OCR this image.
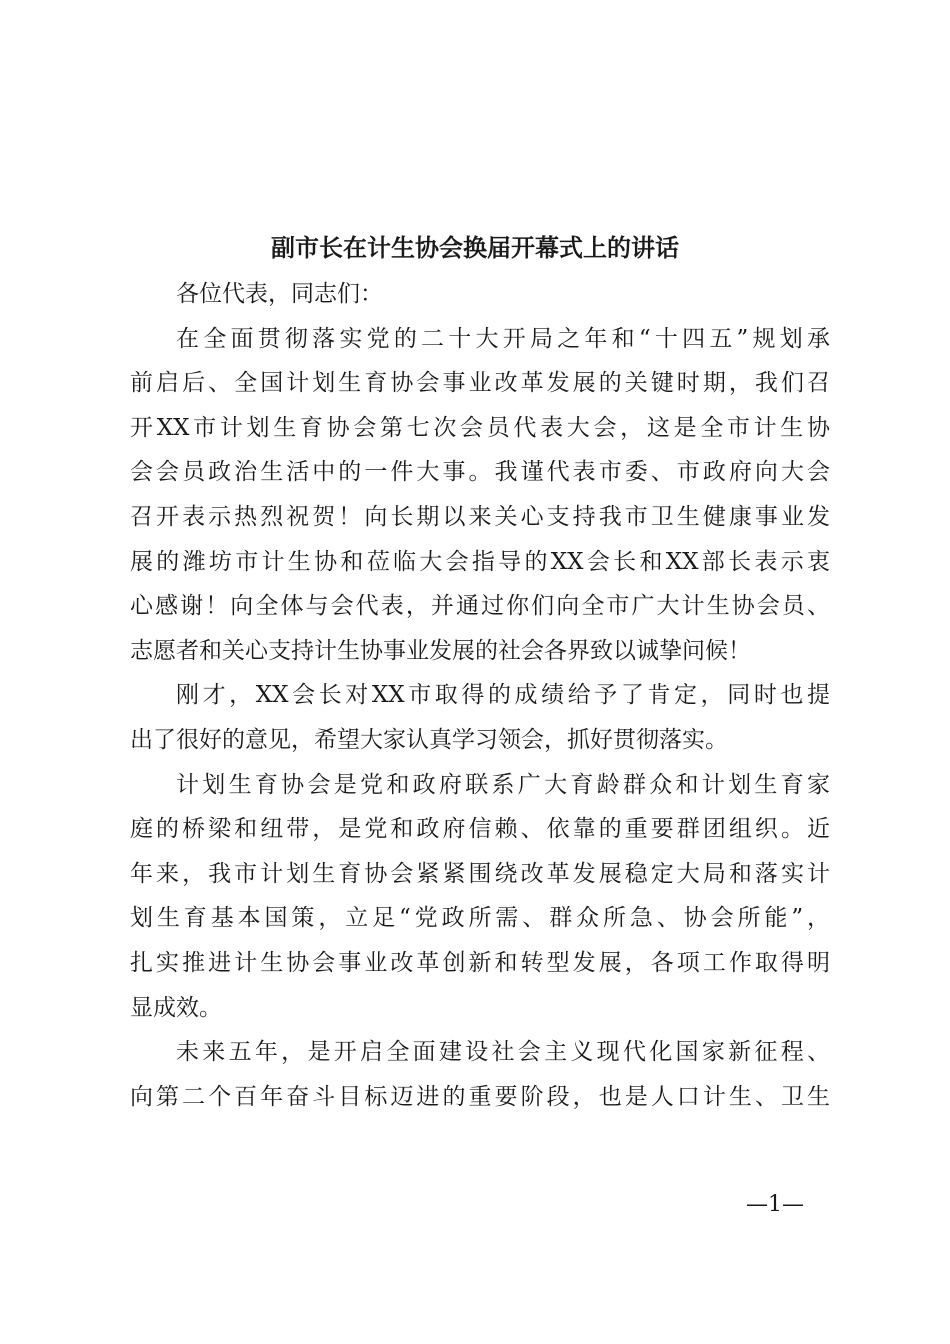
副市长在计生协会换届开幕式上的讲话

各位代表，同志们：

在全面贯彻落实党的二十大开局之年和“十四五”规划承
前启后、全国计划生育协会事业改革发展的关键时期，我们召
开XX市计划生育协会第七次会员代表大会，这是全市计生协
会会员政治生活中的一件大事。我谨代表市委、市政府向大会
召开表示热烈祝贺！向长期以来关心支持我市卫生健康事业发
展的潍坊市计生协和莅临大会指导的XX会长和XX部长表示衷
心感谢！向全体与会代表，并通过你们向全市广大计生协会员、
志愿者和关心支持计生协事业发展的社会各界致以诚挚问候！

刚才，XX会长对XX市取得的成绩给予了肯定，同时也提
出了很好的意见，希望大家认真学习领会，抓好贯彻落实。

计划生育协会是党和政府联系广大育龄群众和计划生育家
庭的桥梁和纽带，是党和政府信赖、依靠的重要群团组织。近
年来，我市计划生育协会紧紧围绕改革发展稳定大局和落实计
划生育基本国策，立足“党政所需、群众所急、协会所能”，
扎实推进计生协会事业改革创新和转型发展，各项工作取得明
显成效。

未来五年，是开启全面建设社会主义现代化国家新征程、
向第二个百年奋斗目标迈进的重要阶段，也是人口计生、卫生

—1—
